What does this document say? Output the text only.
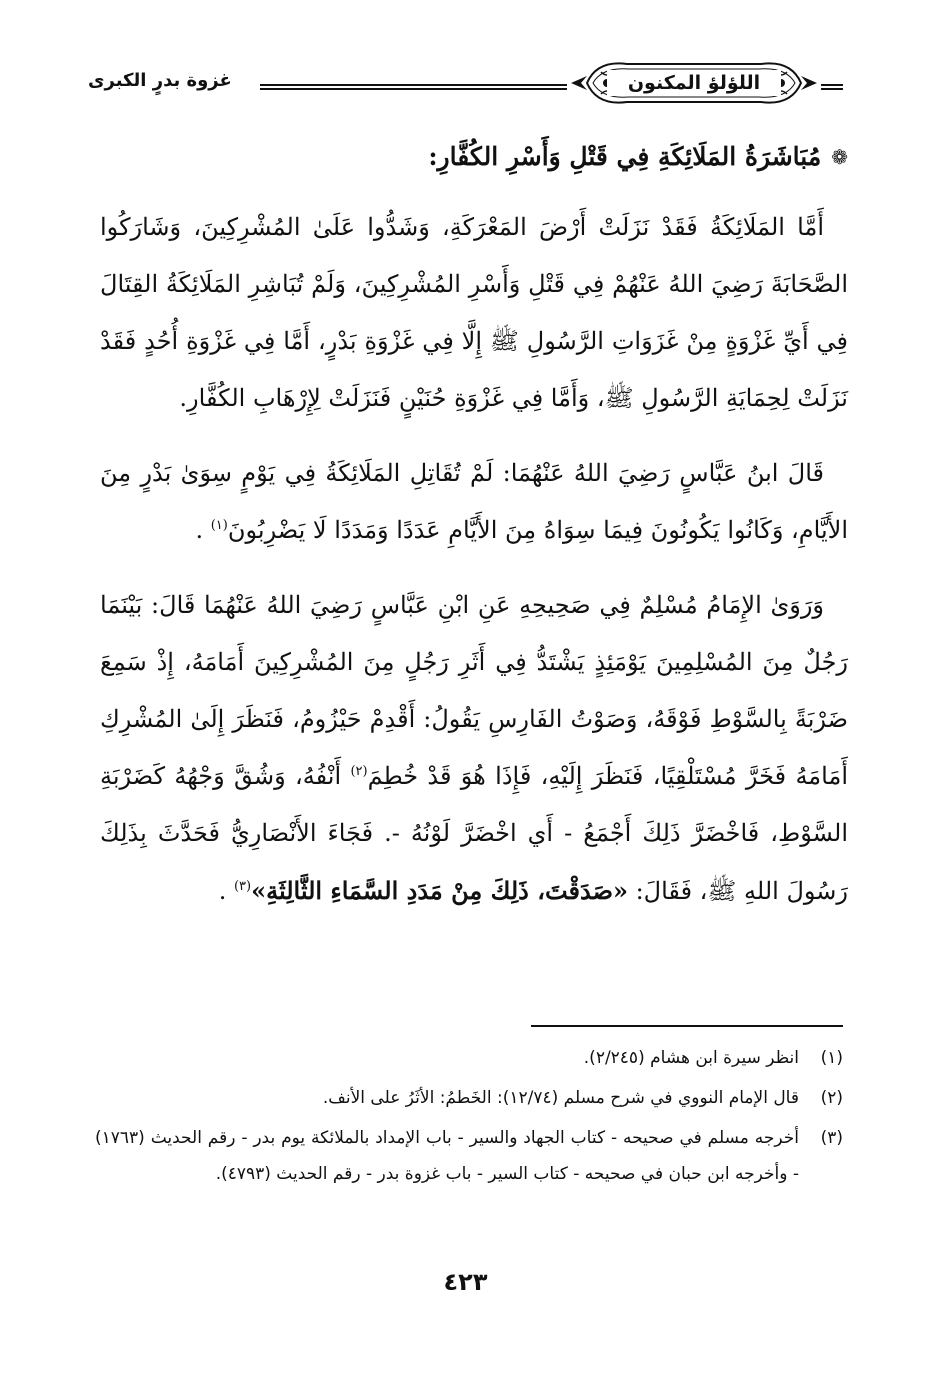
اللؤلؤ المكنون
غزوة بدرٍ الكبرى
❁
مُبَاشَرَةُ المَلَائِكَةِ فِي قَتْلِ وَأَسْرِ الكُفَّارِ:

أَمَّا المَلَائِكَةُ فَقَدْ نَزَلَتْ أَرْضَ المَعْرَكَةِ، وَشَدُّوا عَلَىٰ المُشْرِكِينَ، وَشَارَكُوا الصَّحَابَةَ رَضِيَ اللهُ عَنْهُمْ فِي قَتْلِ وَأَسْرِ المُشْرِكِينَ، وَلَمْ تُبَاشِرِ المَلَائِكَةُ القِتَالَ فِي أَيِّ غَزْوَةٍ مِنْ غَزَوَاتِ الرَّسُولِ ﷺ إِلَّا فِي غَزْوَةِ بَدْرٍ، أَمَّا فِي غَزْوَةِ أُحُدٍ فَقَدْ نَزَلَتْ لِحِمَايَةِ الرَّسُولِ ﷺ، وَأَمَّا فِي غَزْوَةِ حُنَيْنٍ فَنَزَلَتْ لِإِرْهَابِ الكُفَّارِ.

قَالَ ابنُ عَبَّاسٍ رَضِيَ اللهُ عَنْهُمَا: لَمْ تُقَاتِلِ المَلَائِكَةُ فِي يَوْمٍ سِوَىٰ بَدْرٍ مِنَ الأَيَّامِ، وَكَانُوا يَكُونُونَ فِيمَا سِوَاهُ مِنَ الأَيَّامِ عَدَدًا وَمَدَدًا لَا يَضْرِبُونَ$^{(١)}$ .

وَرَوَىٰ الإِمَامُ مُسْلِمٌ فِي صَحِيحِهِ عَنِ ابْنِ عَبَّاسٍ رَضِيَ اللهُ عَنْهُمَا قَالَ: بَيْنَمَا رَجُلٌ مِنَ المُسْلِمِينَ يَوْمَئِذٍ يَشْتَدُّ فِي أَثَرِ رَجُلٍ مِنَ المُشْرِكِينَ أَمَامَهُ، إِذْ سَمِعَ ضَرْبَةً بِالسَّوْطِ فَوْقَهُ، وَصَوْتُ الفَارِسِ يَقُولُ: أَقْدِمْ حَيْزُومُ، فَنَظَرَ إِلَىٰ المُشْرِكِ أَمَامَهُ فَخَرَّ مُسْتَلْقِيًا، فَنَظَرَ إِلَيْهِ، فَإِذَا هُوَ قَدْ خُطِمَ$^{(٢)}$ أَنْفُهُ، وَشُقَّ وَجْهُهُ كَضَرْبَةِ السَّوْطِ، فَاخْضَرَّ ذَلِكَ أَجْمَعُ - أَي اخْضَرَّ لَوْنُهُ -. فَجَاءَ الأَنْصَارِيُّ فَحَدَّثَ بِذَلِكَ رَسُولَ اللهِ ﷺ، فَقَالَ: «صَدَقْتَ، ذَلِكَ مِنْ مَدَدِ السَّمَاءِ الثَّالِثَةِ»$^{(٣)}$ .

(١)
انظر سيرة ابن هشام (٢/٢٤٥).
(٢)
قال الإمام النووي في شرح مسلم (١٢/٧٤): الخَطمُ: الأثَرُ على الأنف.
(٣)
أخرجه مسلم في صحيحه - كتاب الجهاد والسير - باب الإمداد بالملائكة يوم بدر - رقم الحديث (١٧٦٣) - وأخرجه ابن حبان في صحيحه - كتاب السير - باب غزوة بدر - رقم الحديث (٤٧٩٣).
٤٢٣
